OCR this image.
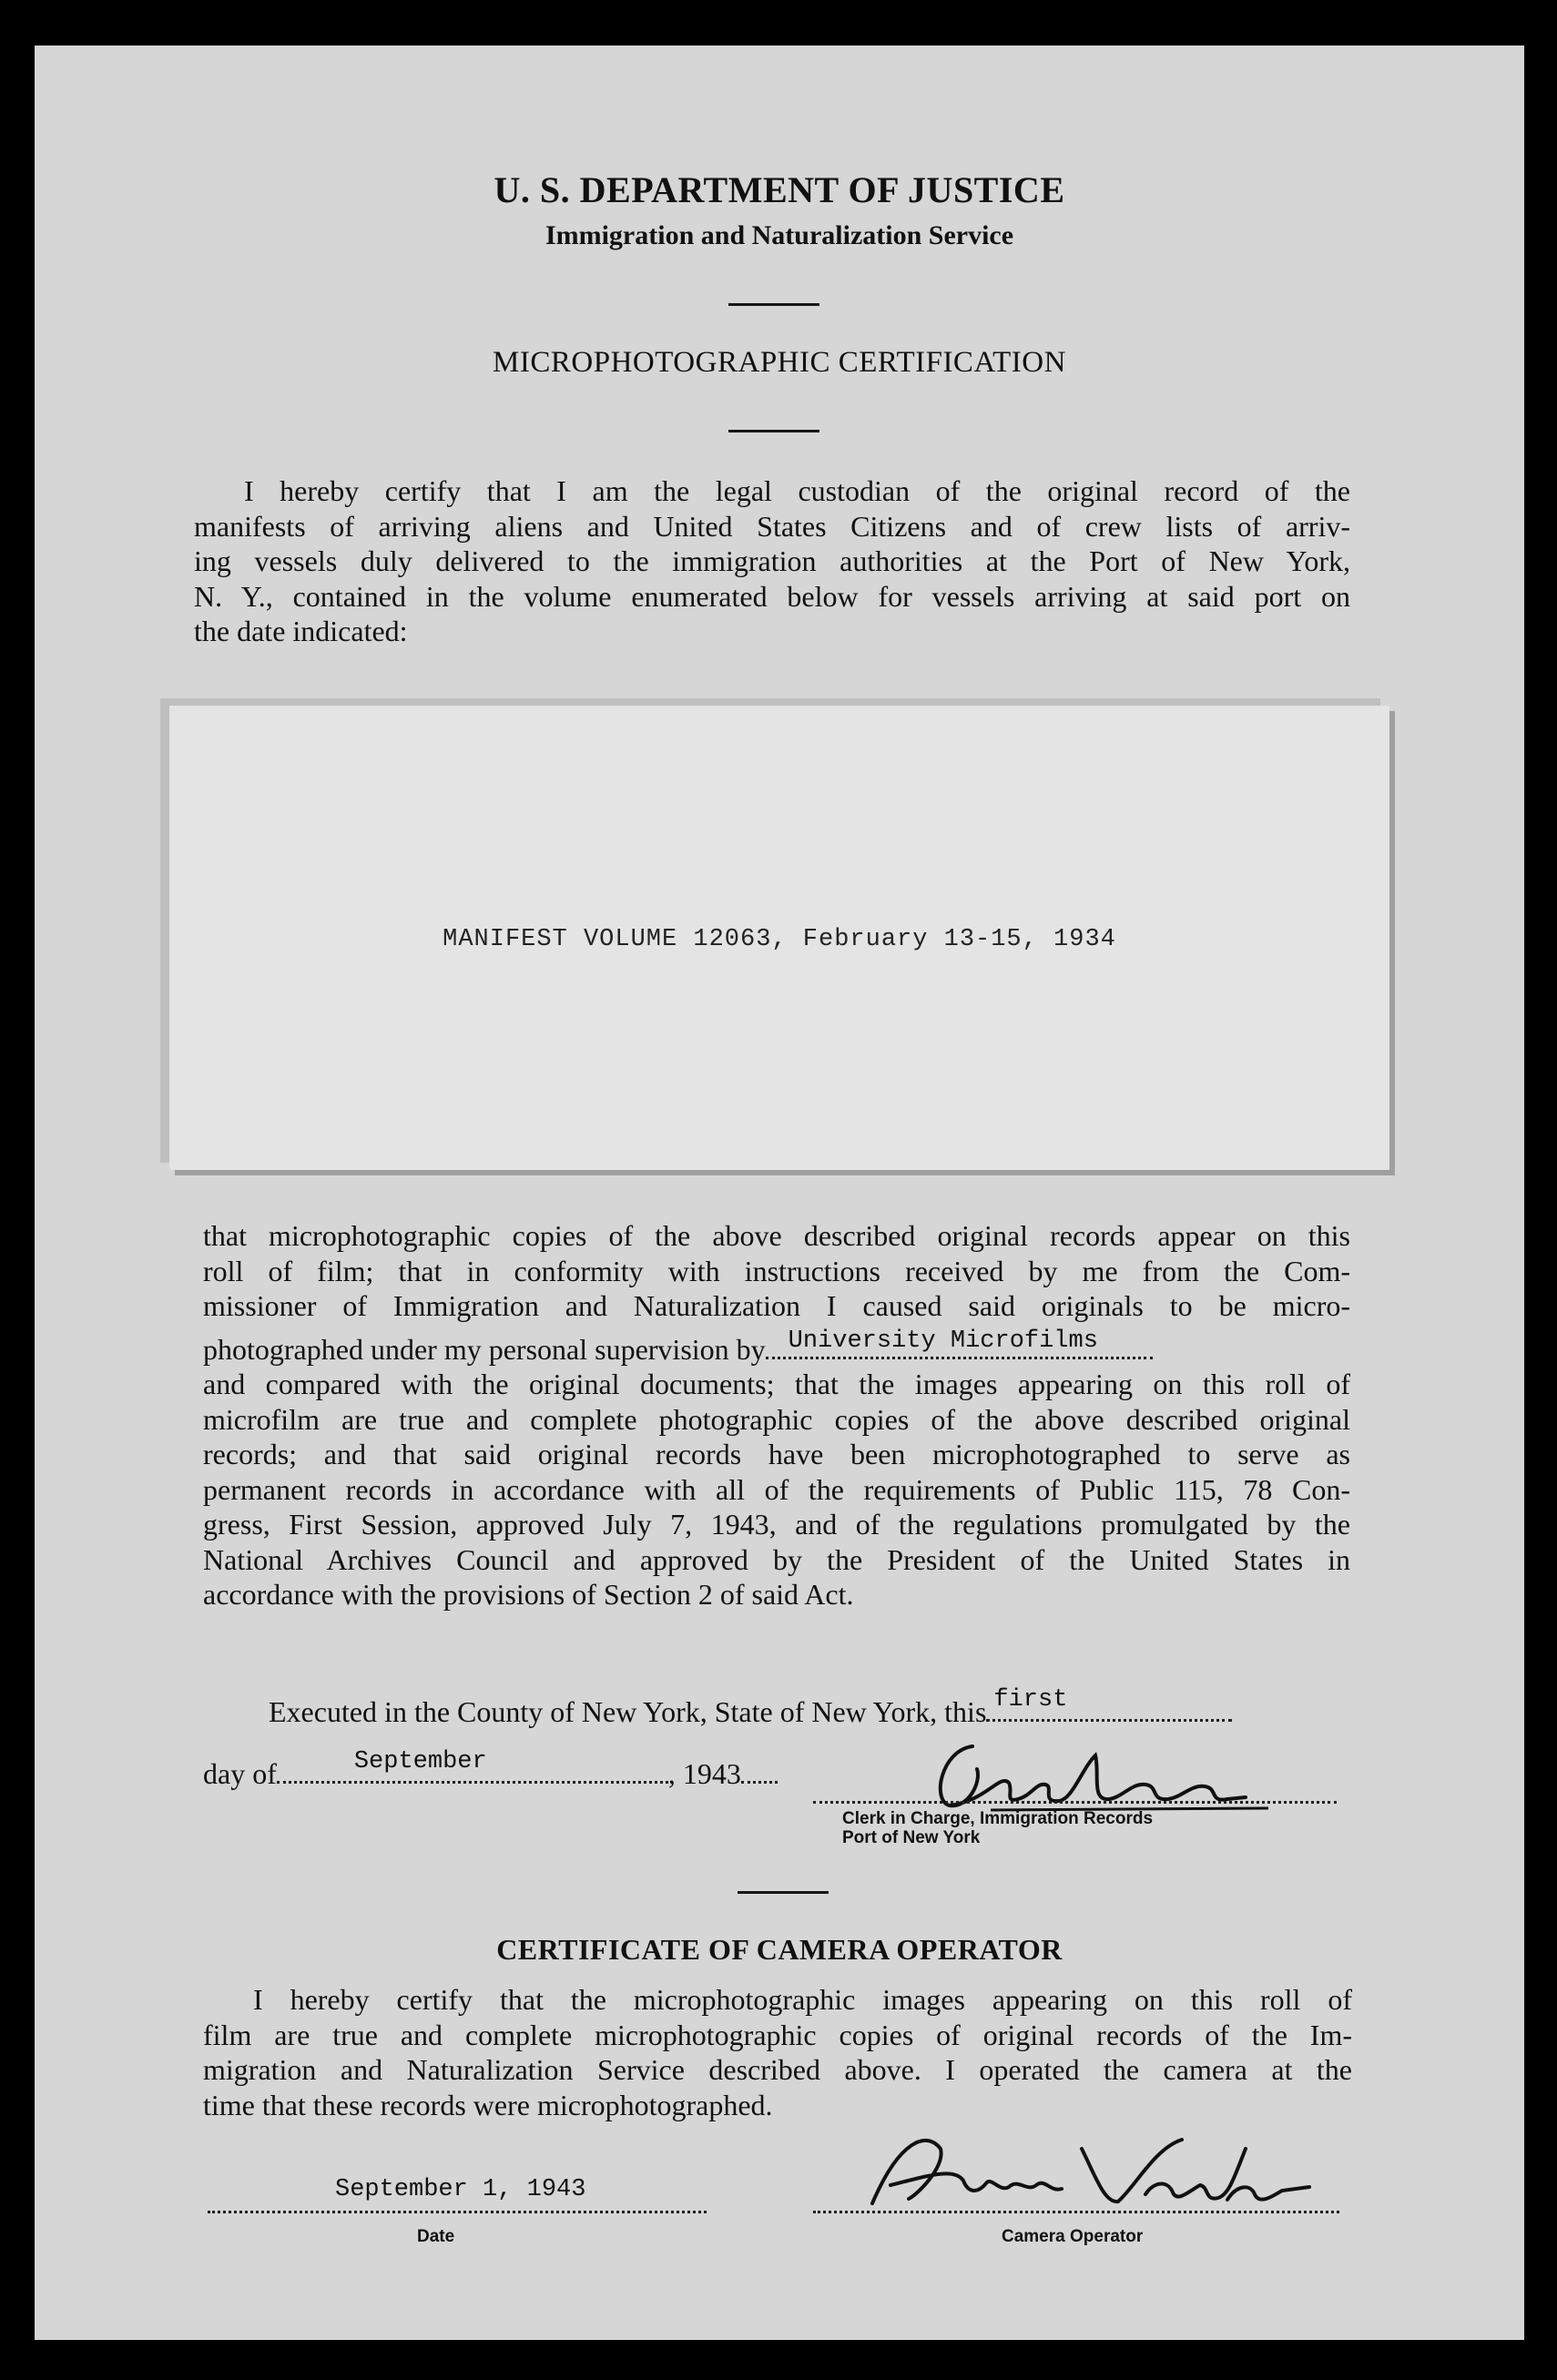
U. S. DEPARTMENT OF JUSTICE
Immigration and Naturalization Service
MICROPHOTOGRAPHIC CERTIFICATION
I hereby certify that I am the legal custodian of the original record of the
manifests of arriving aliens and United States Citizens and of crew lists of arriv-
ing vessels duly delivered to the immigration authorities at the Port of New York,
N. Y., contained in the volume enumerated below for vessels arriving at said port on
the date indicated:
MANIFEST VOLUME 12063, February 13-15, 1934
that microphotographic copies of the above described original records appear on this
roll of film; that in conformity with instructions received by me from the Com-
missioner of Immigration and Naturalization I caused said originals to be micro-
photographed under my personal supervision by University Microfilms
and compared with the original documents; that the images appearing on this roll of
microfilm are true and complete photographic copies of the above described original
records; and that said original records have been microphotographed to serve as
permanent records in accordance with all of the requirements of Public 115, 78 Con-
gress, First Session, approved July 7, 1943, and of the regulations promulgated by the
National Archives Council and approved by the President of the United States in
accordance with the provisions of Section 2 of said Act.
Executed in the County of New York, State of New York, this first
day of	September	, 1943
Clerk in Charge, Immigration Records
Port of New York
CERTIFICATE OF CAMERA OPERATOR
I hereby certify that the microphotographic images appearing on this roll of
film are true and complete microphotographic copies of original records of the Im-
migration and Naturalization Service described above. I operated the camera at the
time that these records were microphotographed.
September 1, 1943
Date	Camera Operator
